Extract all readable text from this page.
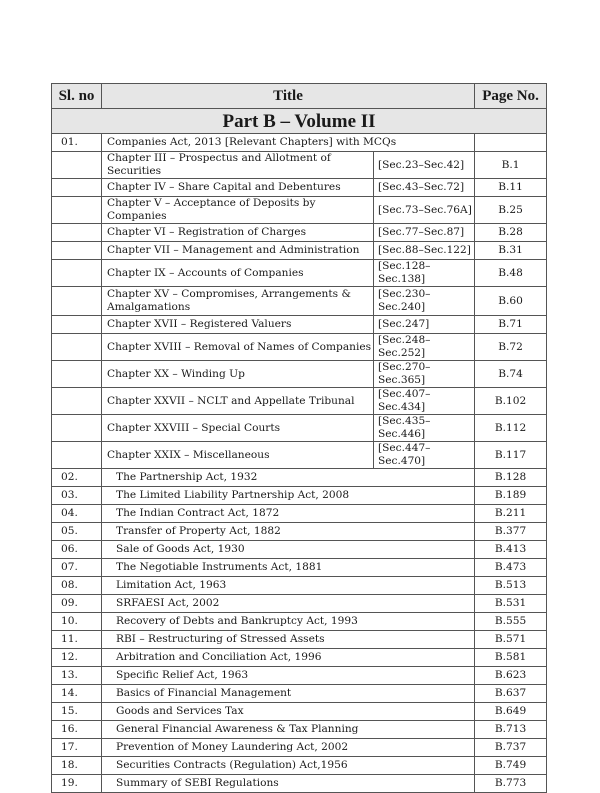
Sl. no	Title		Page No.
Part B – Volume II			
01.	Companies Act, 2013 [Relevant Chapters] with MCQs		
	Chapter III – Prospectus and Allotment of Securities	[Sec.23–Sec.42]	B.1
	Chapter IV – Share Capital and Debentures	[Sec.43–Sec.72]	B.11
	Chapter V – Acceptance of Deposits by Companies	[Sec.73–Sec.76A]	B.25
	Chapter VI – Registration of Charges	[Sec.77–Sec.87]	B.28
	Chapter VII – Management and Administration	[Sec.88–Sec.122]	B.31
	Chapter IX – Accounts of Companies	[Sec.128–Sec.138]	B.48
	Chapter XV – Compromises, Arrangements & Amalgamations	[Sec.230–Sec.240]	B.60
	Chapter XVII – Registered Valuers	[Sec.247]	B.71
	Chapter XVIII – Removal of Names of Companies	[Sec.248–Sec.252]	B.72
	Chapter XX – Winding Up	[Sec.270–Sec.365]	B.74
	Chapter XXVII – NCLT and Appellate Tribunal	[Sec.407–Sec.434]	B.102
	Chapter XXVIII – Special Courts	[Sec.435–Sec.446]	B.112
	Chapter XXIX – Miscellaneous	[Sec.447–Sec.470]	B.117
02.	The Partnership Act, 1932		B.128
03.	The Limited Liability Partnership Act, 2008		B.189
04.	The Indian Contract Act, 1872		B.211
05.	Transfer of Property Act, 1882		B.377
06.	Sale of Goods Act, 1930		B.413
07.	The Negotiable Instruments Act, 1881		B.473
08.	Limitation Act, 1963		B.513
09.	SRFAESI Act, 2002		B.531
10.	Recovery of Debts and Bankruptcy Act, 1993		B.555
11.	RBI – Restructuring of Stressed Assets		B.571
12.	Arbitration and Conciliation Act, 1996		B.581
13.	Specific Relief Act, 1963		B.623
14.	Basics of Financial Management		B.637
15.	Goods and Services Tax		B.649
16.	General Financial Awareness & Tax Planning		B.713
17.	Prevention of Money Laundering Act, 2002		B.737
18.	Securities Contracts (Regulation) Act,1956		B.749
19.	Summary of SEBI Regulations		B.773
